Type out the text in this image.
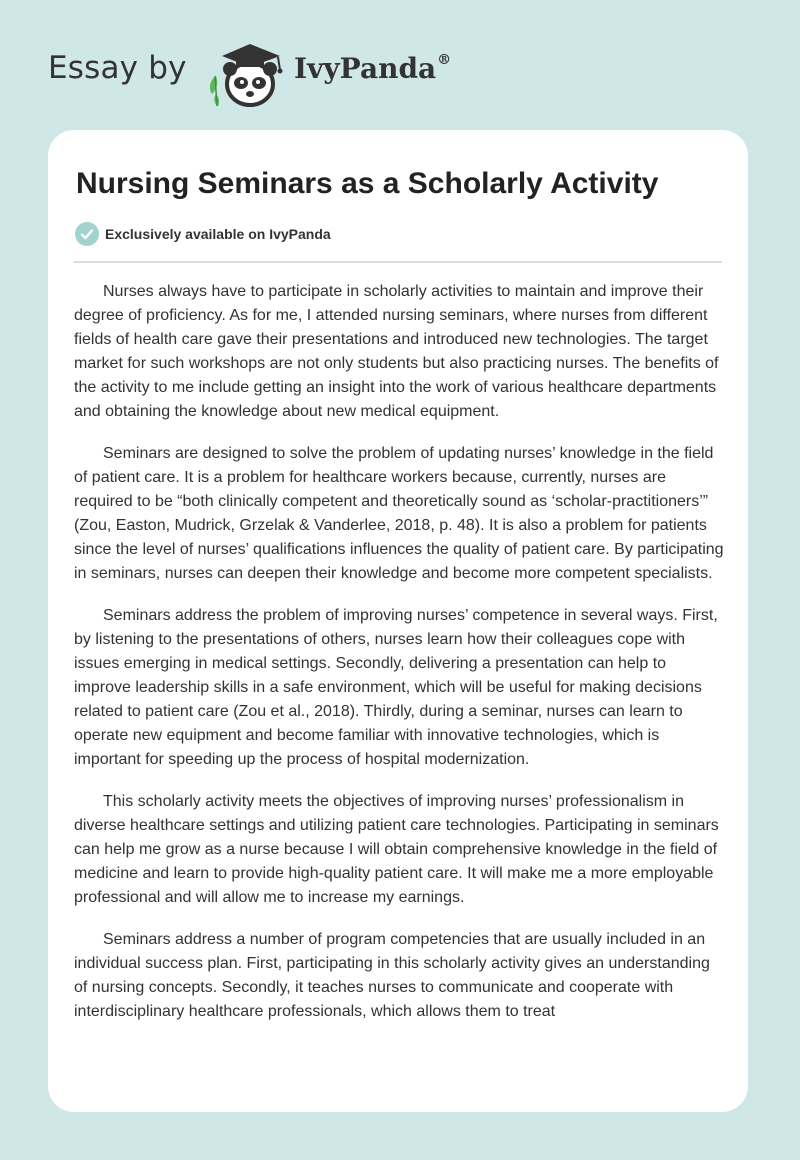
Essay by	IvyPanda®
Nursing Seminars as a Scholarly Activity
Exclusively available on IvyPanda

Nurses always have to participate in scholarly activities to maintain and improve their degree of proficiency. As for me, I attended nursing seminars, where nurses from different fields of health care gave their presentations and introduced new technologies. The target market for such workshops are not only students but also practicing nurses. The benefits of the activity to me include getting an insight into the work of various healthcare departments and obtaining the knowledge about new medical equipment.

Seminars are designed to solve the problem of updating nurses’ knowledge in the field of patient care. It is a problem for healthcare workers because, currently, nurses are required to be “both clinically competent and theoretically sound as ‘scholar-practitioners’” (Zou, Easton, Mudrick, Grzelak & Vanderlee, 2018, p. 48). It is also a problem for patients since the level of nurses’ qualifications influences the quality of patient care. By participating in seminars, nurses can deepen their knowledge and become more competent specialists.

Seminars address the problem of improving nurses’ competence in several ways. First, by listening to the presentations of others, nurses learn how their colleagues cope with issues emerging in medical settings. Secondly, delivering a presentation can help to improve leadership skills in a safe environment, which will be useful for making decisions related to patient care (Zou et al., 2018). Thirdly, during a seminar, nurses can learn to operate new equipment and become familiar with innovative technologies, which is important for speeding up the process of hospital modernization.

This scholarly activity meets the objectives of improving nurses’ professionalism in diverse healthcare settings and utilizing patient care technologies. Participating in seminars can help me grow as a nurse because I will obtain comprehensive knowledge in the field of medicine and learn to provide high-quality patient care. It will make me a more employable professional and will allow me to increase my earnings.

Seminars address a number of program competencies that are usually included in an individual success plan. First, participating in this scholarly activity gives an understanding of nursing concepts. Secondly, it teaches nurses to communicate and cooperate with interdisciplinary healthcare professionals, which allows them to treat
